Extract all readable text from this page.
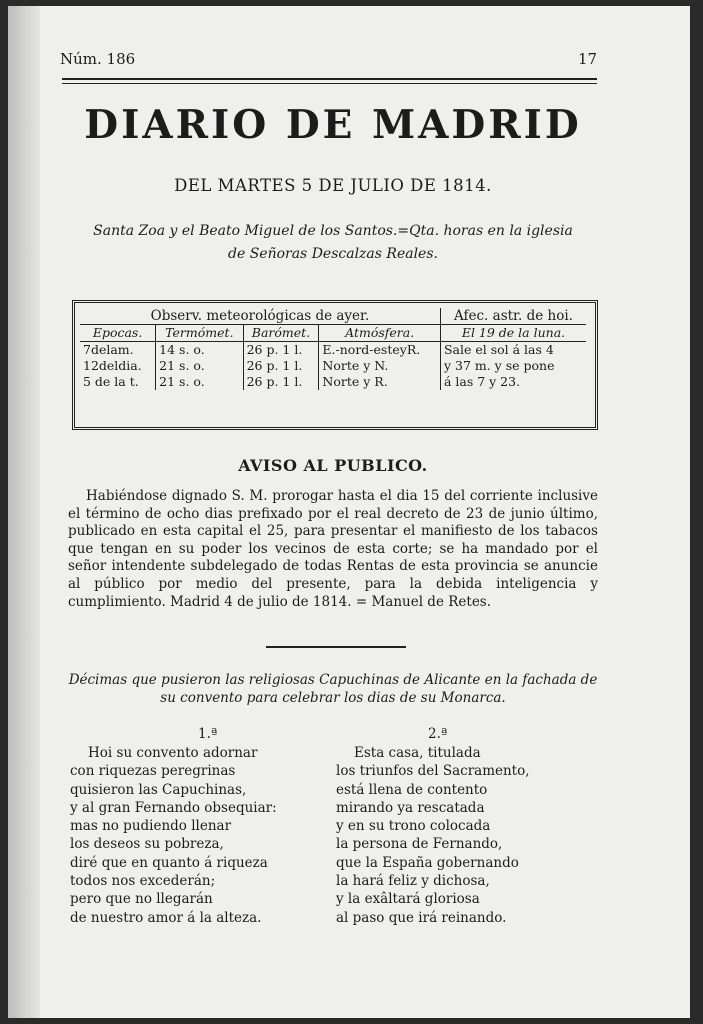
Núm. 186	17
DIARIO DE MADRID
DEL MARTES 5 DE JULIO DE 1814.
Santa Zoa y el Beato Miguel de los Santos.=Qta. horas en la iglesia
de Señoras Descalzas Reales.
Observ. meteorológicas de ayer.				Afec. astr. de hoi.
Epocas.	Termómet.	Barómet.	Atmósfera.	El 19 de la luna.
7delam.	14 s. o.	26 p. 1 l.	E.-nord-esteyR.	Sale el sol á las 4
12deldia.	21 s. o.	26 p. 1 l.	Norte y N.	y 37 m. y se pone
5 de la t.	21 s. o.	26 p. 1 l.	Norte y R.	á las 7 y 23.
AVISO AL PUBLICO.
Habiéndose dignado S. M. prorogar hasta el dia 15 del corriente inclusive el término de ocho dias prefixado por el real decreto de 23 de junio último, publicado en esta capital el 25, para presentar el manifiesto de los tabacos que tengan en su poder los vecinos de esta corte; se ha mandado por el señor intendente subdelegado de todas Rentas de esta provincia se anuncie al público por medio del presente, para la debida inteligencia y cumplimiento. Madrid 4 de julio de 1814. = Manuel de Retes.
Décimas que pusieron las religiosas Capuchinas de Alicante en la fachada de su convento para celebrar los dias de su Monarca.
1.ª
Hoi su convento adornar
con riquezas peregrinas
quisieron las Capuchinas,
y al gran Fernando obsequiar:
mas no pudiendo llenar
los deseos su pobreza,
diré que en quanto á riqueza
todos nos excederán;
pero que no llegarán
de nuestro amor á la alteza.
2.ª
Esta casa, titulada
los triunfos del Sacramento,
está llena de contento
mirando ya rescatada
y en su trono colocada
la persona de Fernando,
que la España gobernando
la hará feliz y dichosa,
y la exâltará gloriosa
al paso que irá reinando.
